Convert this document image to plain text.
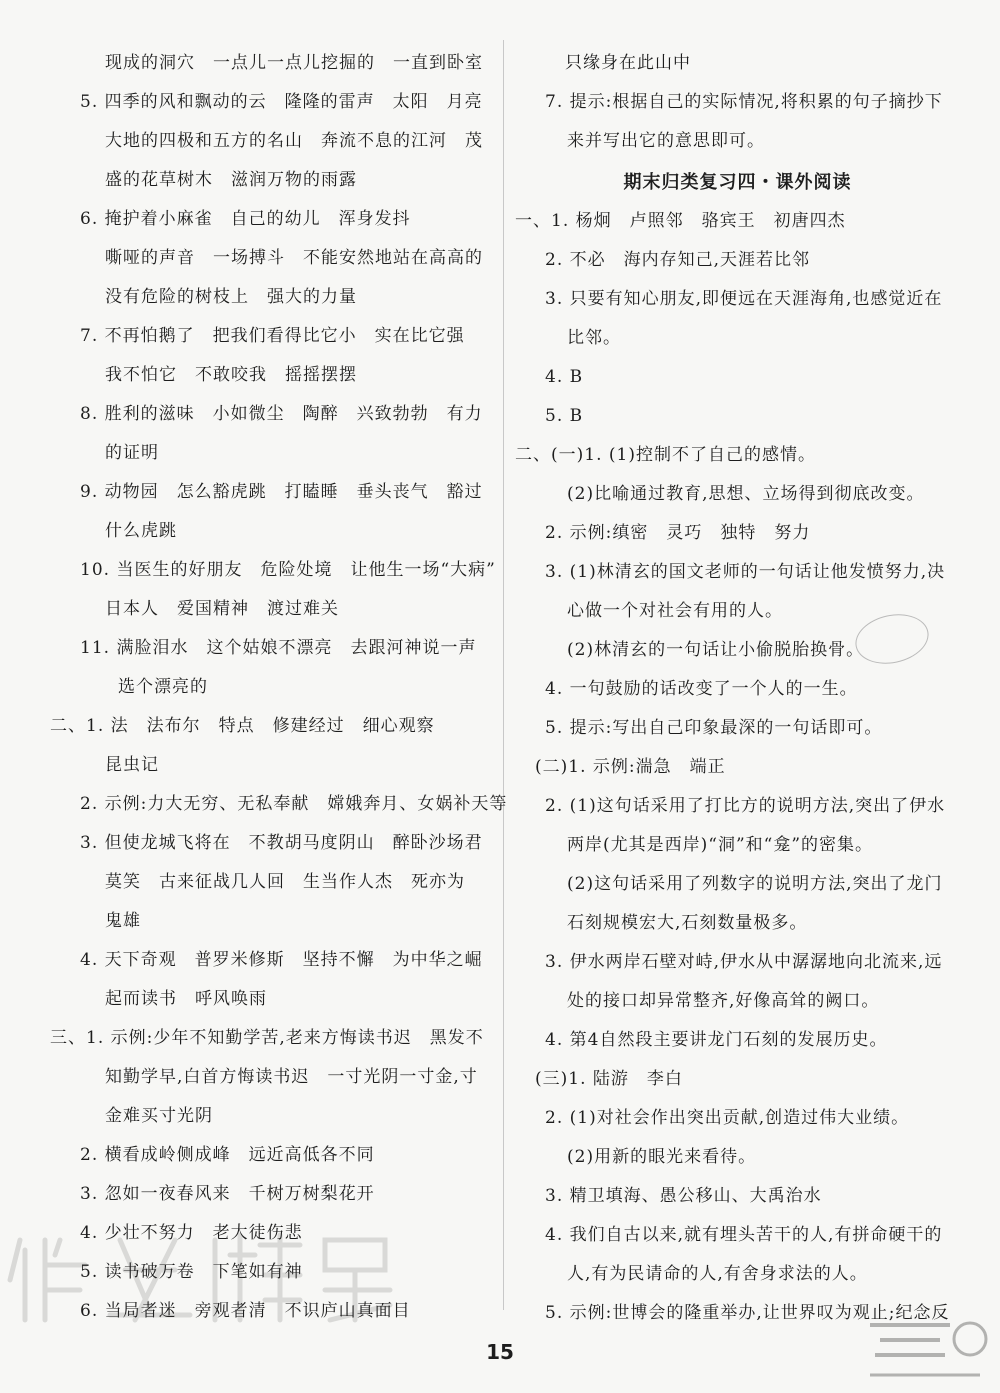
现成的洞穴　一点儿一点儿挖掘的　一直到卧室
5. 四季的风和飘动的云　隆隆的雷声　太阳　月亮
大地的四极和五方的名山　奔流不息的江河　茂
盛的花草树木　滋润万物的雨露
6. 掩护着小麻雀　自己的幼儿　浑身发抖
嘶哑的声音　一场搏斗　不能安然地站在高高的
没有危险的树枝上　强大的力量
7. 不再怕鹅了　把我们看得比它小　实在比它强
我不怕它　不敢咬我　摇摇摆摆
8. 胜利的滋味　小如微尘　陶醉　兴致勃勃　有力
的证明
9. 动物园　怎么豁虎跳　打瞌睡　垂头丧气　豁过
什么虎跳
10. 当医生的好朋友　危险处境　让他生一场“大病”
日本人　爱国精神　渡过难关
11. 满脸泪水　这个姑娘不漂亮　去跟河神说一声
选个漂亮的
二、1. 法　法布尔　特点　修建经过　细心观察
昆虫记
2. 示例:力大无穷、无私奉献　嫦娥奔月、女娲补天等
3. 但使龙城飞将在　不教胡马度阴山　醉卧沙场君
莫笑　古来征战几人回　生当作人杰　死亦为
鬼雄
4. 天下奇观　普罗米修斯　坚持不懈　为中华之崛
起而读书　呼风唤雨
三、1. 示例:少年不知勤学苦,老来方悔读书迟　黑发不
知勤学早,白首方悔读书迟　一寸光阴一寸金,寸
金难买寸光阴
2. 横看成岭侧成峰　远近高低各不同
3. 忽如一夜春风来　千树万树梨花开
4. 少壮不努力　老大徒伤悲
5. 读书破万卷　下笔如有神
6. 当局者迷　旁观者清　不识庐山真面目
只缘身在此山中
7. 提示:根据自己的实际情况,将积累的句子摘抄下
来并写出它的意思即可。
期末归类复习四・课外阅读
一、1. 杨炯　卢照邻　骆宾王　初唐四杰
2. 不必　海内存知己,天涯若比邻
3. 只要有知心朋友,即便远在天涯海角,也感觉近在
比邻。
4. B
5. B
二、(一)1. (1)控制不了自己的感情。
(2)比喻通过教育,思想、立场得到彻底改变。
2. 示例:缜密　灵巧　独特　努力
3. (1)林清玄的国文老师的一句话让他发愤努力,决
心做一个对社会有用的人。
(2)林清玄的一句话让小偷脱胎换骨。
4. 一句鼓励的话改变了一个人的一生。
5. 提示:写出自己印象最深的一句话即可。
(二)1. 示例:湍急　端正
2. (1)这句话采用了打比方的说明方法,突出了伊水
两岸(尤其是西岸)“洞”和“龛”的密集。
(2)这句话采用了列数字的说明方法,突出了龙门
石刻规模宏大,石刻数量极多。
3. 伊水两岸石壁对峙,伊水从中潺潺地向北流来,远
处的接口却异常整齐,好像高耸的阙口。
4. 第4自然段主要讲龙门石刻的发展历史。
(三)1. 陆游　李白
2. (1)对社会作出突出贡献,创造过伟大业绩。
(2)用新的眼光来看待。
3. 精卫填海、愚公移山、大禹治水
4. 我们自古以来,就有埋头苦干的人,有拼命硬干的
人,有为民请命的人,有舍身求法的人。
5. 示例:世博会的隆重举办,让世界叹为观止;纪念反
15
